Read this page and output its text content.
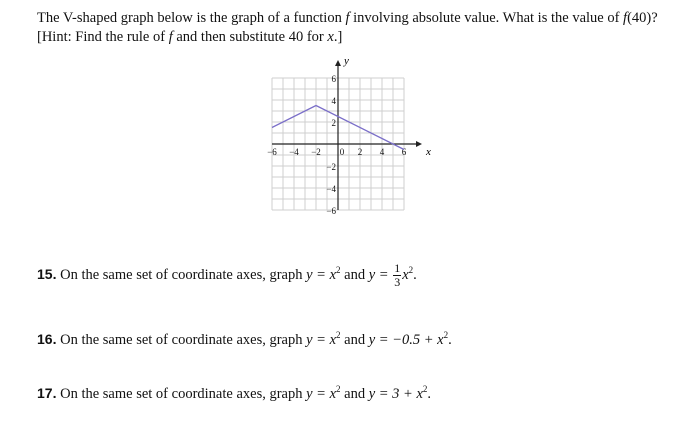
The V-shaped graph below is the graph of a function f involving absolute value. What is the value of f(40)?
[Hint: Find the rule of f and then substitute 40 for x.]
−6 −4 −2 0 2 4 6
6
4
2
−2
−4
−6
x
y
15. On the same set of coordinate axes, graph $y = x^2$ and $y = \frac{1}{3} x^2$.
16. On the same set of coordinate axes, graph $y = x^2$ and $y = -0.5 + x^2$.
17. On the same set of coordinate axes, graph $y = x^2$ and $y = 3 + x^2$.
